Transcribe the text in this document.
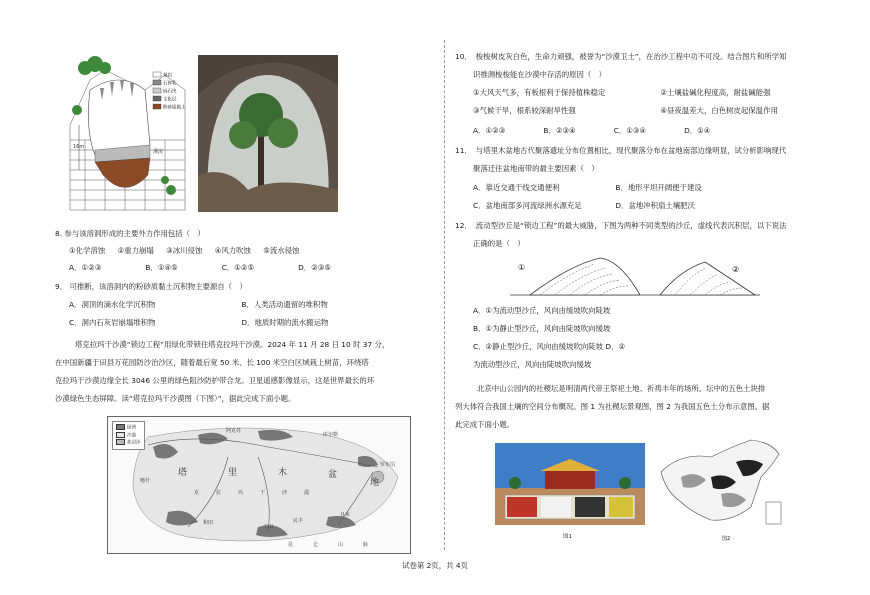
16m
溪流
基岩
石钟乳
砾石块
文化层
粉砂质黏土
8. 参与该溶洞形成的主要外力作用包括（　）
①化学溶蚀 ②重力崩塌 ③冰川侵蚀 ④风力吹蚀 ⑤流水侵蚀
A．①②③	B．①④⑤	C．①②⑤	D．②③⑤
9． 可推断，该溶洞内的粉砂质黏土沉积物主要源自（　）
A．洞顶的滴水化学沉积物	B．人类活动遗留的堆积物
C．洞内石灰岩崩塌堆积物	D．地质时期的流水搬运物
塔克拉玛干沙漠“锁边工程”用绿化带锁住塔克拉玛干沙漠。2024 年 11 月 28 日 10 时 37 分，
在中国新疆于田县万花园防沙治沙区，随着最后宽 50 米、长 100 米空白区域栽上树苗，环绕塔
克拉玛干沙漠边缘全长 3046 公里的绿色阻沙防护带合龙。卫星遥感影像显示，这是世界最长的环
沙漠绿色生态屏障。读“塔克拉玛干沙漠图（下图）”，据此完成下面小题。
绿洲
沙漠
盐沼泽
塔	里	木	盆
地
克	拉	玛	干	沙	漠
昆	仑	山	脉
于田
民丰
且末
和田
喀什
库尔勒
阿克苏
罗布泊
10． 梭梭树皮灰白色，生命力顽强，被誉为“沙漠卫士”，在治沙工程中功不可没。结合图片和所学知
识推测梭梭能在沙漠中存活的原因（　）
①大风天气多，有板根利于保持植株稳定	②土壤盐碱化程度高，耐盐碱能强
③气候干旱，根系较深耐旱性强	④昼夜温差大，白色树皮起保温作用
A．①②③	B．②③④	C．①③④	D．①④
11． 与塔里木盆地古代聚落遗址分布位置相比，现代聚落分布在盆地南部边缘明显，试分析影响现代
聚落迁往盆地南带的最主要因素（　）
A．靠近交通干线交通便利	B．地形平坦开阔便于建设
C．盆地南部多河流绿洲水源充足	D．盆地冲积扇土壤肥沃
12． 流动型沙丘是“锁边工程”的最大威胁，下图为两种不同类型的沙丘，虚线代表沉积层，以下说法
正确的是（　）
①	②
A．①为流动型沙丘，风向由缓坡吹向陡坡
B．①为静止型沙丘，风向由陡坡吹向缓坡
C．②静止型沙丘，风向由缓坡吹向陡坡 D．②
为流动型沙丘，风向由陡坡吹向缓坡
北京中山公园内的社稷坛是明清两代帝王祭祀土地、祈祷丰年的场所。坛中的五色土块排
列大体符合我国土壤的空间分布概况。图 1 为社稷坛景观图，图 2 为我国五色土分布示意图。据
此完成下面小题。
图1	图2
试卷第 2页，共 4页
